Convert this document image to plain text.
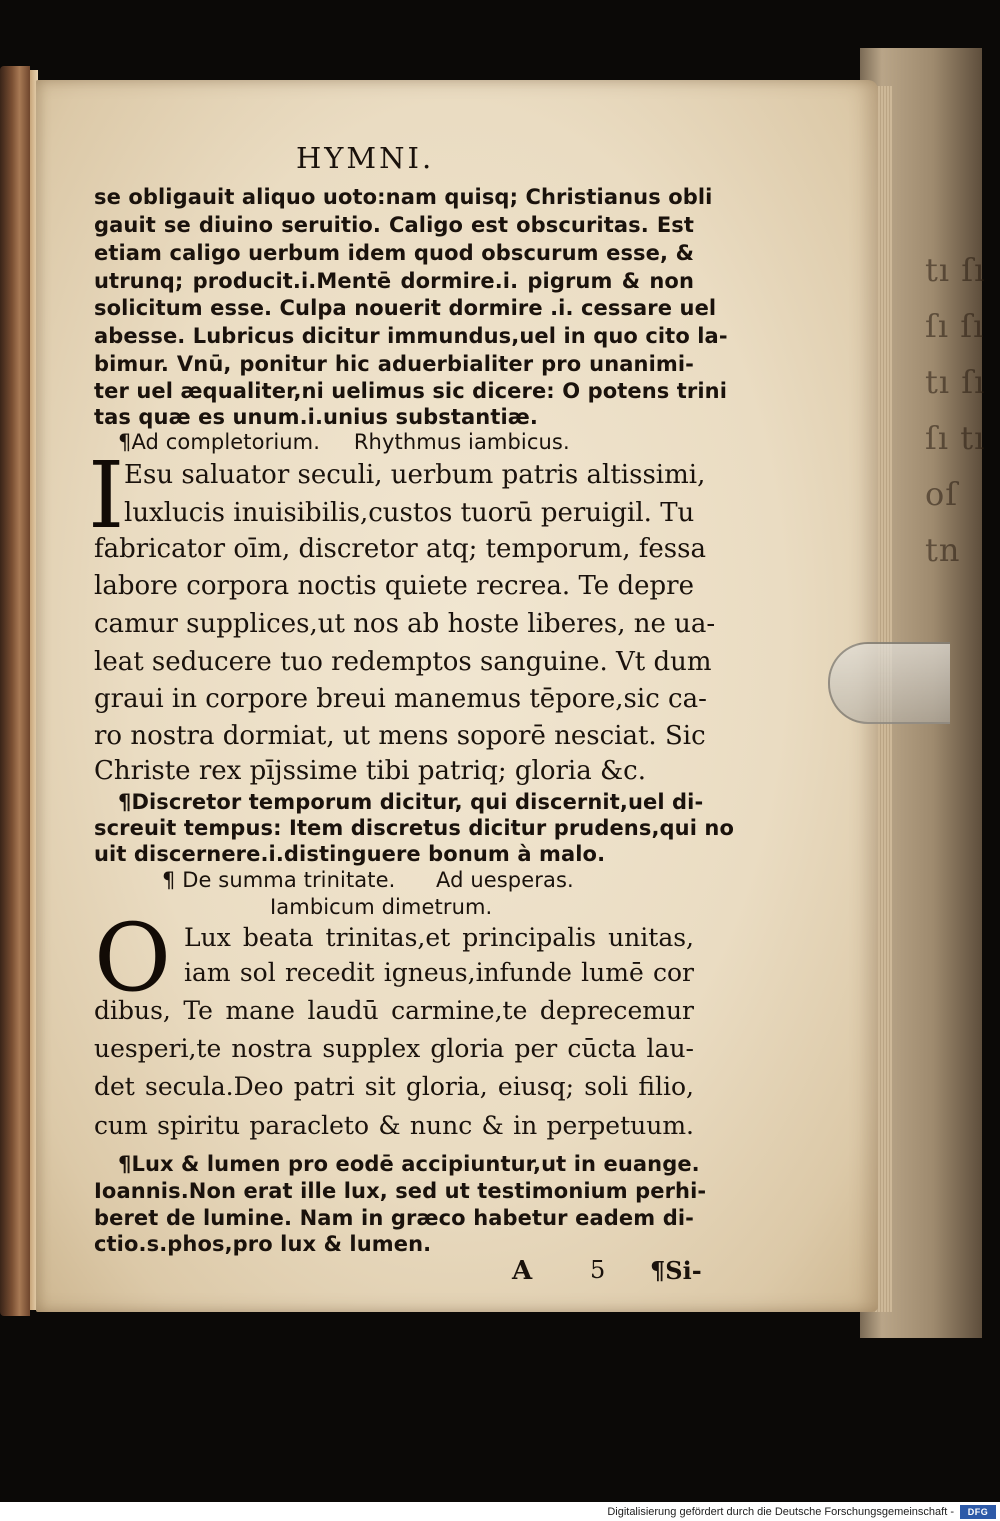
tı ſı ſı ſı tı ſı ſı tı oſ tn

HYMNI.

se obligauit aliquo uoto:nam quisq; Christianus obli

gauit se diuino seruitio. Caligo est obscuritas. Est

etiam caligo uerbum idem quod obscurum esse, &

utrunq; producit.i.Mentē dormire.i. pigrum & non

solicitum esse. Culpa nouerit dormire .i. cessare uel

abesse. Lubricus dicitur immundus,uel in quo cito la-

bimur. Vnū, ponitur hic aduerbialiter pro unanimi-

ter uel æqualiter,ni uelimus sic dicere: O potens trini

tas quæ es unum.i.unius substantiæ.

¶Ad completorium.     Rhythmus iambicus.

I Esu saluator seculi, uerbum patris altissimi,

luxlucis inuisibilis,custos tuorū peruigil. Tu

fabricator oīm, discretor atq; temporum, fessa

labore corpora noctis quiete recrea. Te depre

camur supplices,ut nos ab hoste liberes, ne ua-

leat seducere tuo redemptos sanguine. Vt dum

graui in corpore breui manemus tēpore,sic ca-

ro nostra dormiat, ut mens soporē nesciat. Sic

Christe rex pījssime tibi patriq; gloria &c.

¶Discretor temporum dicitur, qui discernit,uel di-

screuit tempus: Item discretus dicitur prudens,qui no

uit discernere.i.distinguere bonum à malo.

¶ De summa trinitate.      Ad uesperas.

Iambicum dimetrum.

O Lux beata trinitas,et principalis unitas,

iam sol recedit igneus,infunde lumē cor

dibus, Te mane laudū carmine,te deprecemur

uesperi,te nostra supplex gloria per cūcta lau-

det secula.Deo patri sit gloria, eiusq; soli filio,

cum spiritu paracleto & nunc & in perpetuum.

¶Lux & lumen pro eodē accipiuntur,ut in euange.

Ioannis.Non erat ille lux, sed ut testimonium perhi-

beret de lumine. Nam in græco habetur eadem di-

ctio.s.phos,pro lux & lumen.

A 5 ¶Si-

Digitalisierung gefördert durch die Deutsche Forschungsgemeinschaft -	DFG
